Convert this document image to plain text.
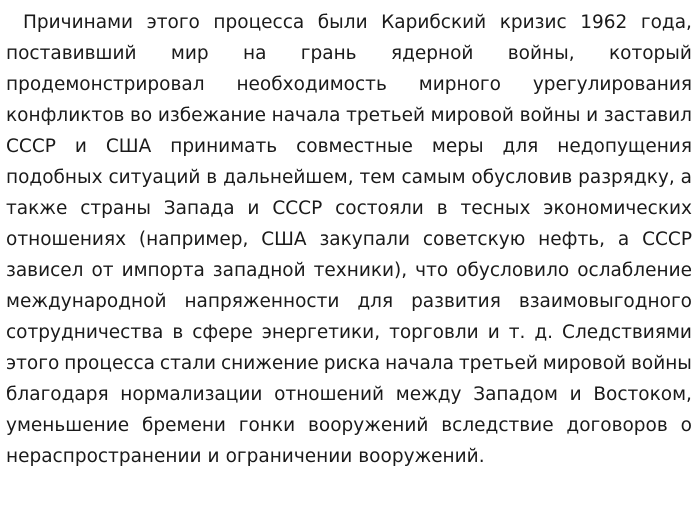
Причинами этого процесса были Карибский кризис 1962 года,
поставивший мир на грань ядерной войны, который
продемонстрировал необходимость мирного урегулирования
конфликтов во избежание начала третьей мировой войны и заставил
СССР и США принимать совместные меры для недопущения
подобных ситуаций в дальнейшем, тем самым обусловив разрядку, а
также страны Запада и СССР состояли в тесных экономических
отношениях (например, США закупали советскую нефть, а СССР
зависел от импорта западной техники), что обусловило ослабление
международной напряженности для развития взаимовыгодного
сотрудничества в сфере энергетики, торговли и т. д. Следствиями
этого процесса стали снижение риска начала третьей мировой войны
благодаря нормализации отношений между Западом и Востоком,
уменьшение бремени гонки вооружений вследствие договоров о
нераспространении и ограничении вооружений.
